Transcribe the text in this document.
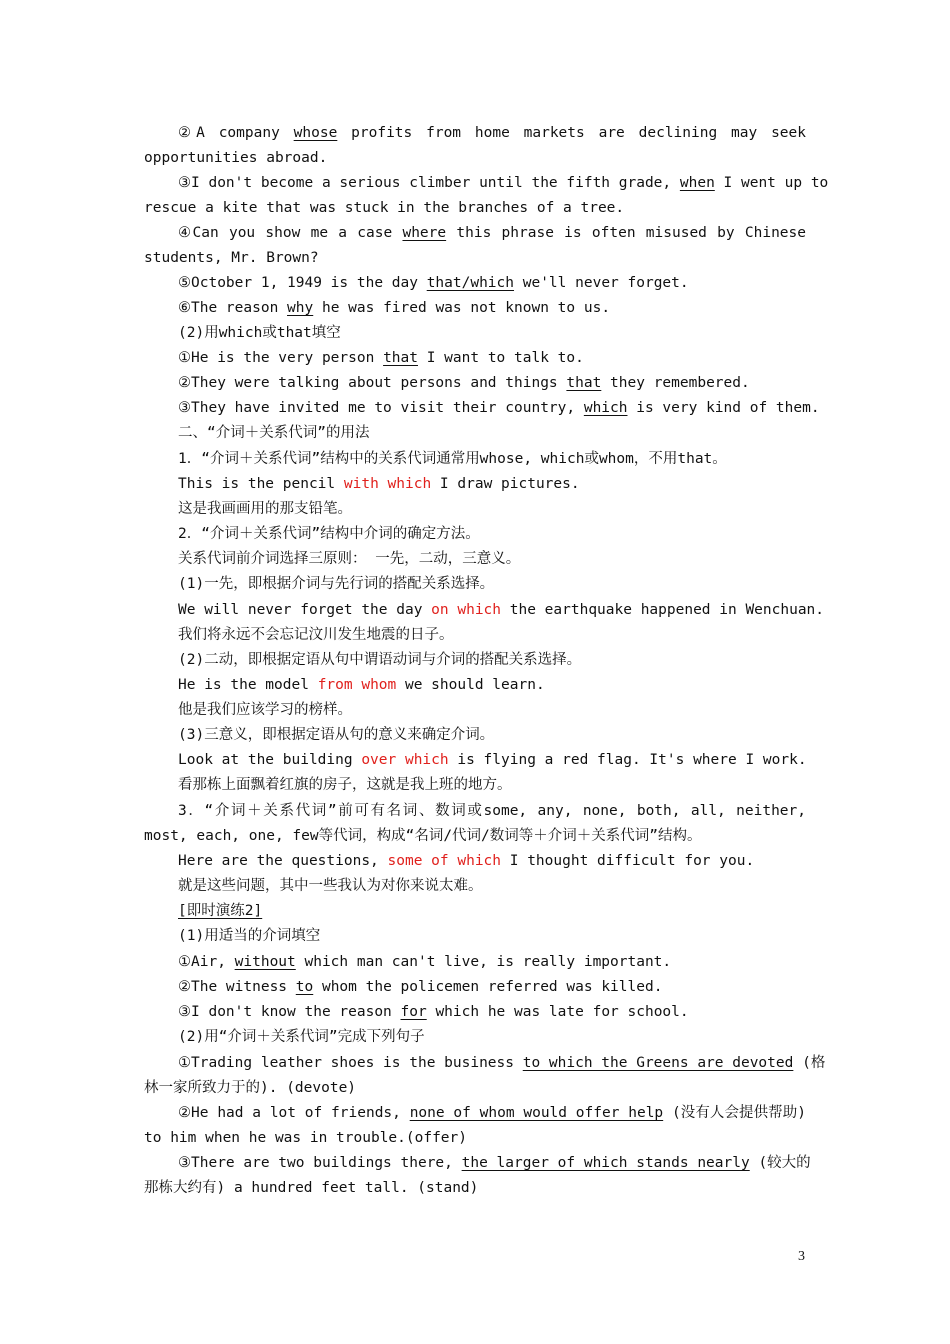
②A company whose profits from home markets are declining may seek
opportunities abroad.
③I don't become a serious climber until the fifth grade, when I went up to
rescue a kite that was stuck in the branches of a tree.
④Can you show me a case where this phrase is often misused by Chinese
students, Mr. Brown?
⑤October 1, 1949 is the day that/which we'll never forget.
⑥The reason why he was fired was not known to us.
(2)用which或that填空
①He is the very person that I want to talk to.
②They were talking about persons and things that they remembered.
③They have invited me to visit their country, which is very kind of them.
二、“介词＋关系代词”的用法
1．“介词＋关系代词”结构中的关系代词通常用whose, which或whom，不用that。
This is the pencil with which I draw pictures.
这是我画画用的那支铅笔。
2．“介词＋关系代词”结构中介词的确定方法。
关系代词前介词选择三原则： 一先，二动，三意义。
(1)一先，即根据介词与先行词的搭配关系选择。
We will never forget the day on which the earthquake happened in Wenchuan.
我们将永远不会忘记汶川发生地震的日子。
(2)二动，即根据定语从句中谓语动词与介词的搭配关系选择。
He is the model from whom we should learn.
他是我们应该学习的榜样。
(3)三意义，即根据定语从句的意义来确定介词。
Look at the building over which is flying a red flag. It's where I work.
看那栋上面飘着红旗的房子，这就是我上班的地方。
3．“介词＋关系代词”前可有名词、数词或some, any, none, both, all, neither,
most, each, one, few等代词，构成“名词/代词/数词等＋介词＋关系代词”结构。
Here are the questions, some of which I thought difficult for you.
就是这些问题，其中一些我认为对你来说太难。
[即时演练2]
(1)用适当的介词填空
①Air, without which man can't live, is really important.
②The witness to whom the policemen referred was killed.
③I don't know the reason for which he was late for school.
(2)用“介词＋关系代词”完成下列句子
①Trading leather shoes is the business to which the Greens are devoted (格
林一家所致力于的). (devote)
②He had a lot of friends, none of whom would offer help (没有人会提供帮助)
to him when he was in trouble.(offer)
③There are two buildings there, the larger of which stands nearly (较大的
那栋大约有) a hundred feet tall. (stand)
3
